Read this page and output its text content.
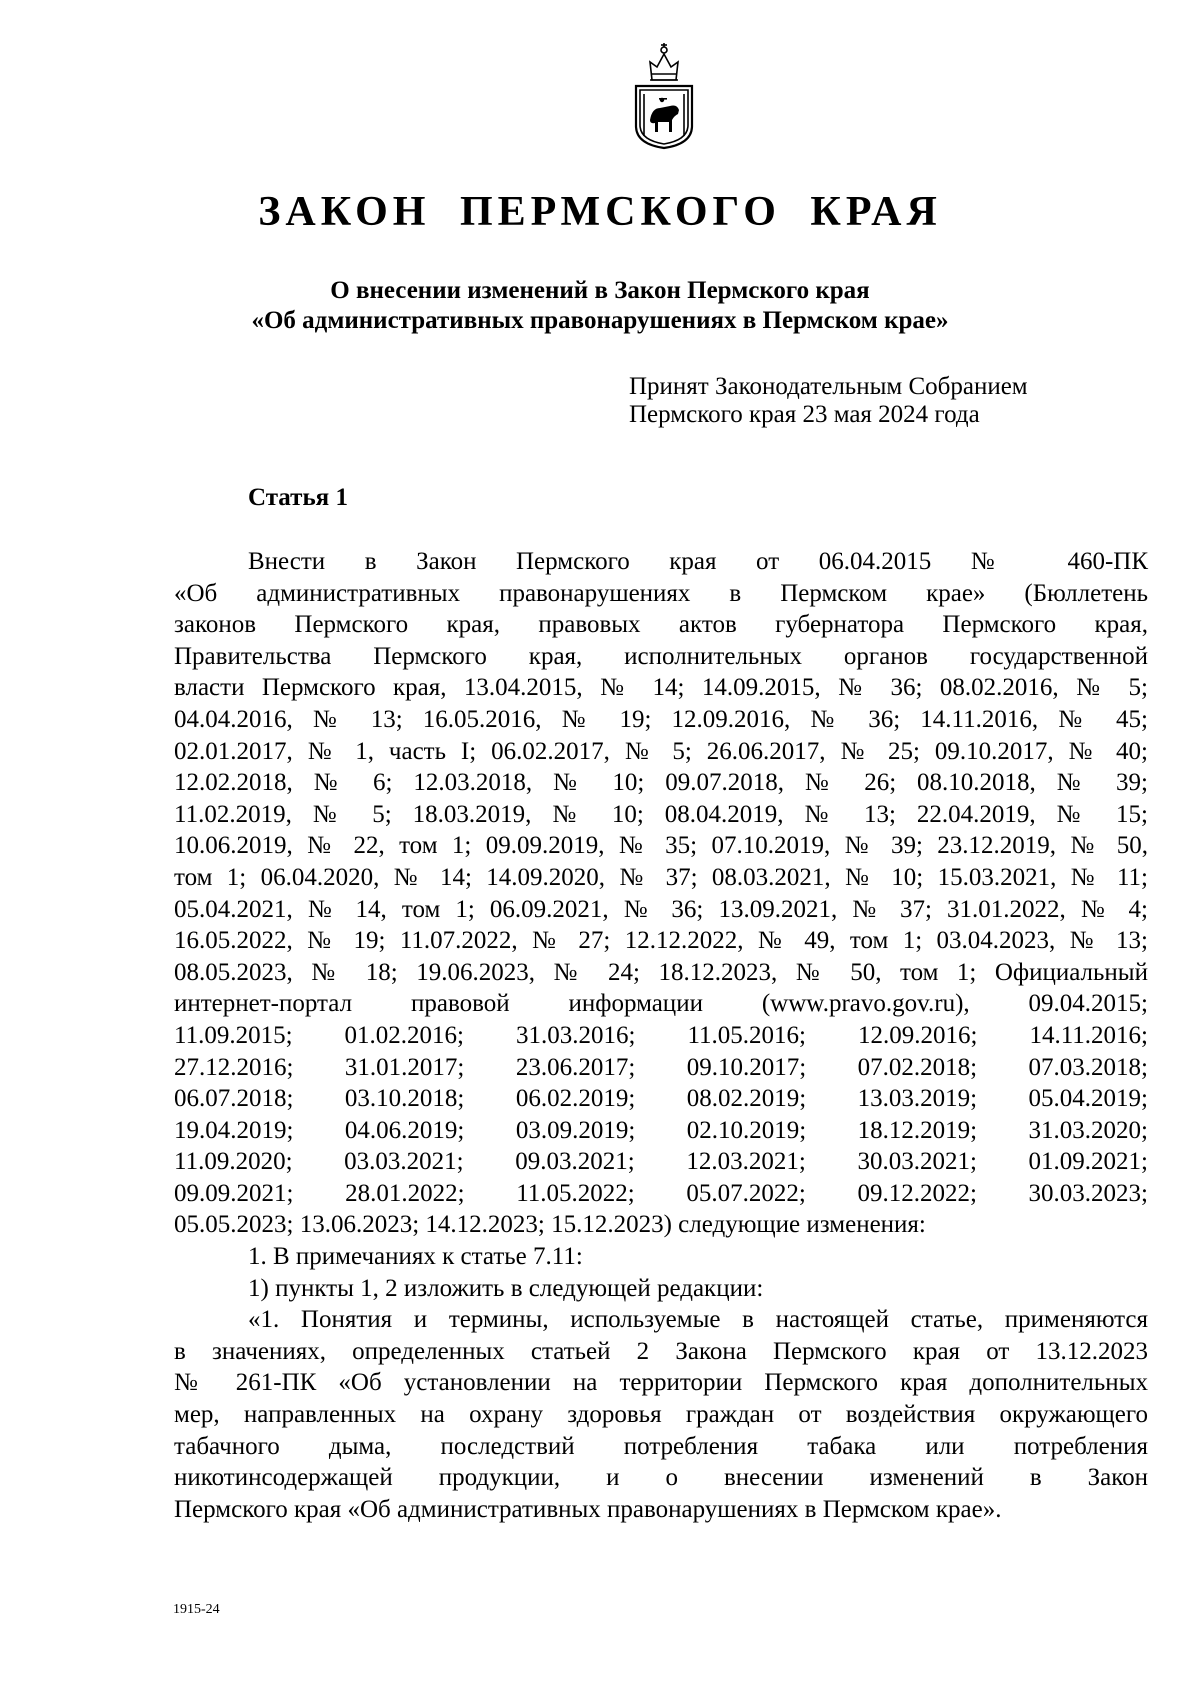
ЗАКОН ПЕРМСКОГО КРАЯ
О внесении изменений в Закон Пермского края
«Об административных правонарушениях в Пермском крае»
Принят Законодательным Собранием
Пермского края 23 мая 2024 года
Статья 1

Внести в Закон Пермского края от 06.04.2015 № 460-ПК

«Об административных правонарушениях в Пермском крае» (Бюллетень

законов Пермского края, правовых актов губернатора Пермского края,

Правительства Пермского края, исполнительных органов государственной

власти Пермского края, 13.04.2015, № 14; 14.09.2015, № 36; 08.02.2016, № 5;

04.04.2016, № 13; 16.05.2016, № 19; 12.09.2016, № 36; 14.11.2016, № 45;

02.01.2017, № 1, часть I; 06.02.2017, № 5; 26.06.2017, № 25; 09.10.2017, № 40;

12.02.2018, № 6; 12.03.2018, № 10; 09.07.2018, № 26; 08.10.2018, № 39;

11.02.2019, № 5; 18.03.2019, № 10; 08.04.2019, № 13; 22.04.2019, № 15;

10.06.2019, № 22, том 1; 09.09.2019, № 35; 07.10.2019, № 39; 23.12.2019, № 50,

том 1; 06.04.2020, № 14; 14.09.2020, № 37; 08.03.2021, № 10; 15.03.2021, № 11;

05.04.2021, № 14, том 1; 06.09.2021, № 36; 13.09.2021, № 37; 31.01.2022, № 4;

16.05.2022, № 19; 11.07.2022, № 27; 12.12.2022, № 49, том 1; 03.04.2023, № 13;

08.05.2023, № 18; 19.06.2023, № 24; 18.12.2023, № 50, том 1; Официальный

интернет-портал правовой информации (www.pravo.gov.ru), 09.04.2015;

11.09.2015; 01.02.2016; 31.03.2016; 11.05.2016; 12.09.2016; 14.11.2016;

27.12.2016; 31.01.2017; 23.06.2017; 09.10.2017; 07.02.2018; 07.03.2018;

06.07.2018; 03.10.2018; 06.02.2019; 08.02.2019; 13.03.2019; 05.04.2019;

19.04.2019; 04.06.2019; 03.09.2019; 02.10.2019; 18.12.2019; 31.03.2020;

11.09.2020; 03.03.2021; 09.03.2021; 12.03.2021; 30.03.2021; 01.09.2021;

09.09.2021; 28.01.2022; 11.05.2022; 05.07.2022; 09.12.2022; 30.03.2023;

05.05.2023; 13.06.2023; 14.12.2023; 15.12.2023) следующие изменения:

1. В примечаниях к статье 7.11:

1) пункты 1, 2 изложить в следующей редакции:

«1. Понятия и термины, используемые в настоящей статье, применяются

в значениях, определенных статьей 2 Закона Пермского края от 13.12.2023

№ 261-ПК «Об установлении на территории Пермского края дополнительных

мер, направленных на охрану здоровья граждан от воздействия окружающего

табачного дыма, последствий потребления табака или потребления

никотинсодержащей продукции, и о внесении изменений в Закон

Пермского края «Об административных правонарушениях в Пермском крае».

1915-24
